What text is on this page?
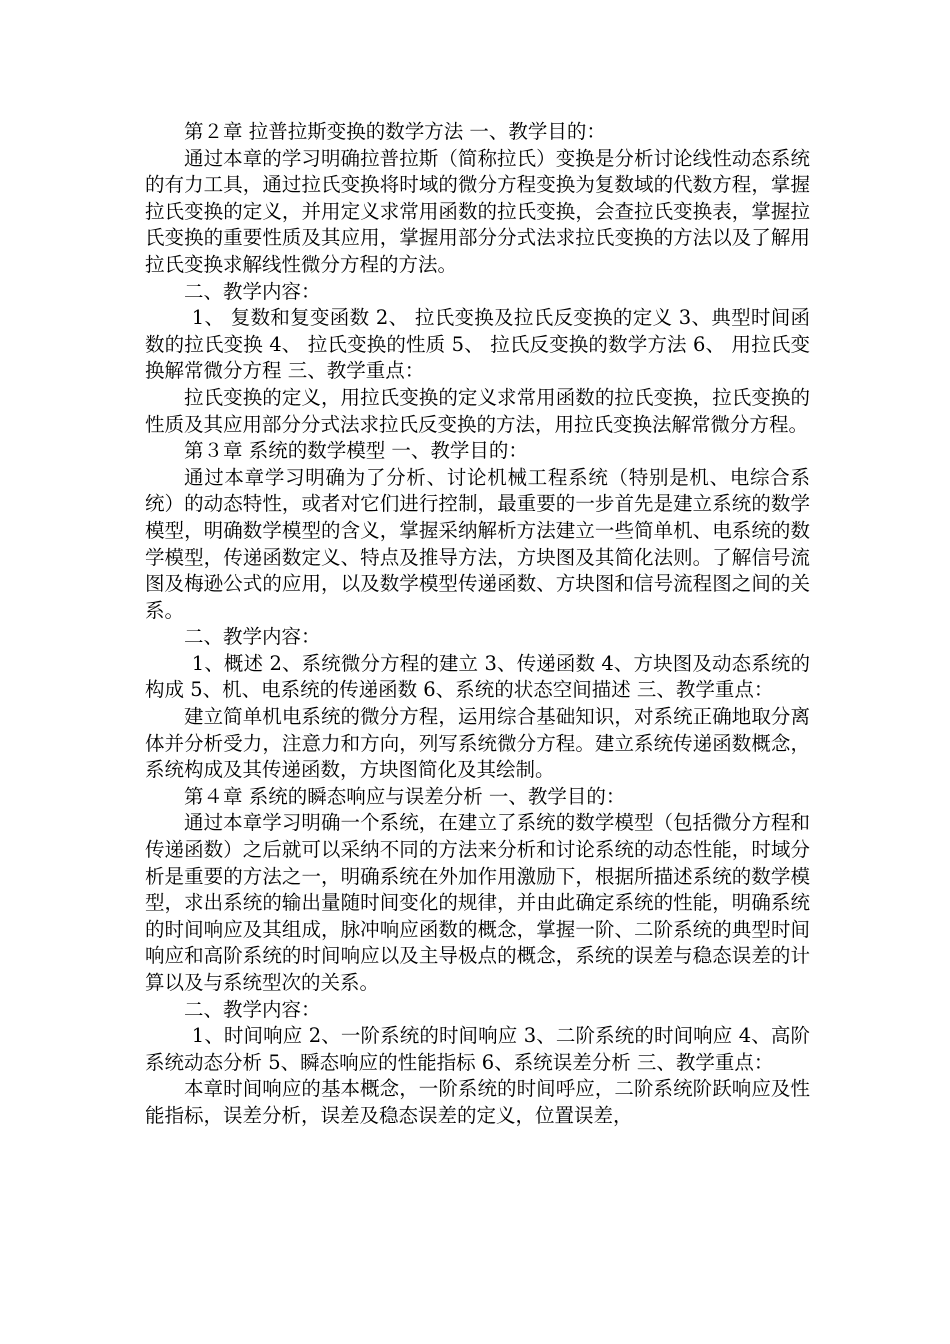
第２章 拉普拉斯变换的数学方法 一、教学目的：

通过本章的学习明确拉普拉斯（简称拉氏）变换是分析讨论线性动态系统的有力工具，通过拉氏变换将时域的微分方程变换为复数域的代数方程，掌握拉氏变换的定义，并用定义求常用函数的拉氏变换，会查拉氏变换表，掌握拉氏变换的重要性质及其应用，掌握用部分分式法求拉氏变换的方法以及了解用拉氏变换求解线性微分方程的方法。

二、教学内容：

1、 复数和复变函数 2、 拉氏变换及拉氏反变换的定义 3、典型时间函数的拉氏变换 4、 拉氏变换的性质 5、 拉氏反变换的数学方法 6、 用拉氏变换解常微分方程 三、教学重点：

拉氏变换的定义，用拉氏变换的定义求常用函数的拉氏变换，拉氏变换的性质及其应用部分分式法求拉氏反变换的方法，用拉氏变换法解常微分方程。

第３章 系统的数学模型 一、教学目的：

通过本章学习明确为了分析、讨论机械工程系统（特别是机、电综合系统）的动态特性，或者对它们进行控制，最重要的一步首先是建立系统的数学模型，明确数学模型的含义，掌握采纳解析方法建立一些简单机、电系统的数学模型，传递函数定义、特点及推导方法，方块图及其简化法则。了解信号流图及梅逊公式的应用，以及数学模型传递函数、方块图和信号流程图之间的关系。

二、教学内容：

1、概述 2、系统微分方程的建立 3、传递函数 4、方块图及动态系统的构成 5、机、电系统的传递函数 6、系统的状态空间描述 三、教学重点：

建立简单机电系统的微分方程，运用综合基础知识，对系统正确地取分离体并分析受力，注意力和方向，列写系统微分方程。建立系统传递函数概念，系统构成及其传递函数，方块图简化及其绘制。

第４章 系统的瞬态响应与误差分析 一、教学目的：

通过本章学习明确一个系统，在建立了系统的数学模型（包括微分方程和传递函数）之后就可以采纳不同的方法来分析和讨论系统的动态性能，时域分析是重要的方法之一，明确系统在外加作用激励下，根据所描述系统的数学模型，求出系统的输出量随时间变化的规律，并由此确定系统的性能，明确系统的时间响应及其组成，脉冲响应函数的概念，掌握一阶、二阶系统的典型时间响应和高阶系统的时间响应以及主导极点的概念，系统的误差与稳态误差的计算以及与系统型次的关系。

二、教学内容：

1、时间响应 2、一阶系统的时间响应 3、二阶系统的时间响应 4、高阶系统动态分析 5、瞬态响应的性能指标 6、系统误差分析 三、教学重点：

本章时间响应的基本概念，一阶系统的时间呼应，二阶系统阶跃响应及性能指标，误差分析，误差及稳态误差的定义，位置误差，
